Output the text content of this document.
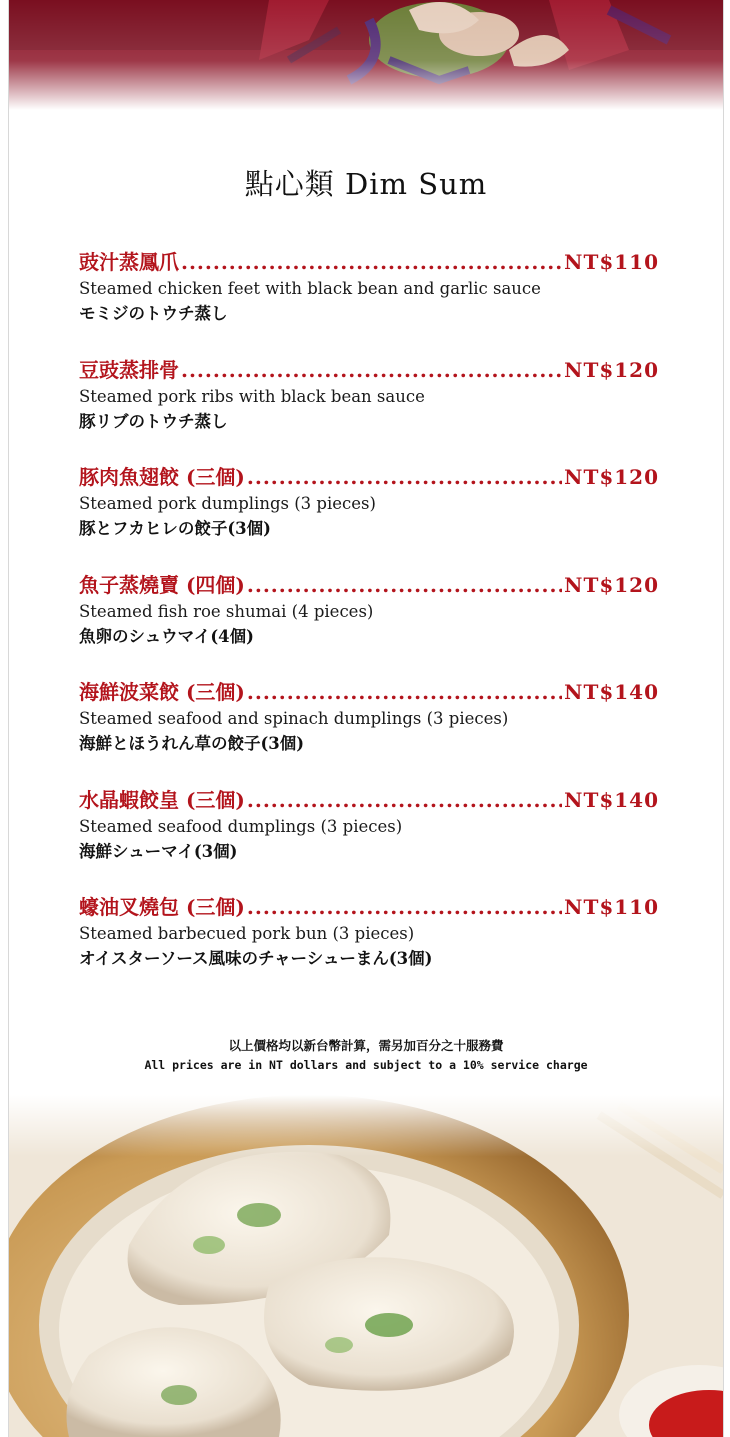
點心類 Dim Sum
豉汁蒸鳳爪 .....	NT$110
Steamed chicken feet with black bean and garlic sauce
モミジのトウチ蒸し
豆豉蒸排骨 .....	NT$120
Steamed pork ribs with black bean sauce
豚リブのトウチ蒸し
豚肉魚翅餃 (三個) .....	NT$120
Steamed pork dumplings (3 pieces)
豚とフカヒレの餃子(3個)
魚子蒸燒賣 (四個) .....	NT$120
Steamed fish roe shumai (4 pieces)
魚卵のシュウマイ(4個)
海鮮波菜餃 (三個) .....	NT$140
Steamed seafood and spinach dumplings (3 pieces)
海鮮とほうれん草の餃子(3個)
水晶蝦餃皇 (三個) .....	NT$140
Steamed seafood dumplings (3 pieces)
海鮮シューマイ(3個)
蠔油叉燒包 (三個) .....	NT$110
Steamed barbecued pork bun (3 pieces)
オイスターソース風味のチャーシューまん(3個)
以上價格均以新台幣計算，需另加百分之十服務費
All prices are in NT dollars and subject to a 10% service charge
